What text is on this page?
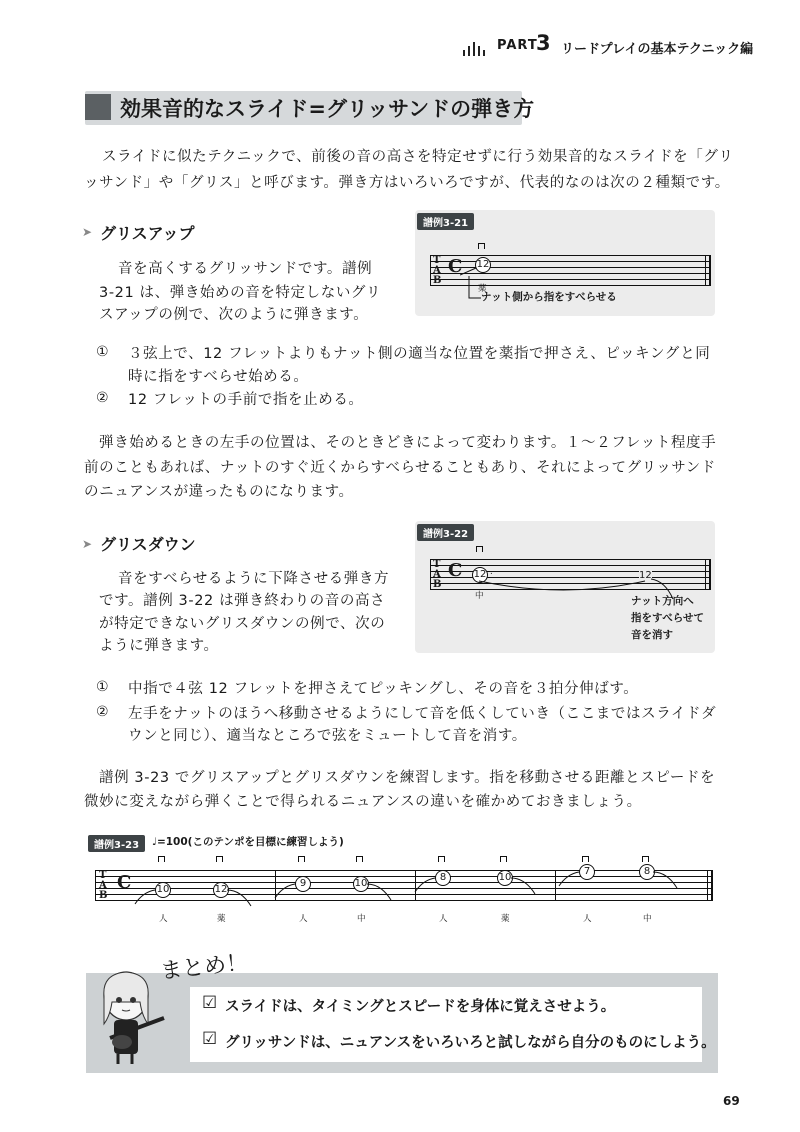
PART
3 リードプレイの基本テクニック編
効果音的なスライド=グリッサンドの弾き方
スライドに似たテクニックで、前後の音の高さを特定せずに行う効果音的なスライドを「グリ
ッサンド」や「グリス」と呼びます。弾き方はいろいろですが、代表的なのは次の２種類です。
➤ グリスアップ
音を高くするグリッサンドです。譜例
3-21 は、弾き始めの音を特定しないグリ
スアップの例で、次のように弾きます。
譜例3-21
T
A
B
C 12
薬
ナット側から指をすべらせる
① ３弦上で、12 フレットよりもナット側の適当な位置を薬指で押さえ、ピッキングと同
時に指をすべらせ始める。
② 12 フレットの手前で指を止める。
弾き始めるときの左手の位置は、そのときどきによって変わります。１～２フレット程度手
前のこともあれば、ナットのすぐ近くからすべらせることもあり、それによってグリッサンド
のニュアンスが違ったものになります。
➤ グリスダウン
音をすべらせるように下降させる弾き方
です。譜例 3-22 は弾き終わりの音の高さ
が特定できないグリスダウンの例で、次の
ように弾きます。
譜例3-22
T
A
B
C 12 .	12
中	ナット方向へ
指をすべらせて
音を消す
① 中指で４弦 12 フレットを押さえてピッキングし、その音を３拍分伸ばす。
② 左手をナットのほうへ移動させるようにして音を低くしていき（ここまではスライドダ
ウンと同じ）、適当なところで弦をミュートして音を消す。
譜例 3-23 でグリスアップとグリスダウンを練習します。指を移動させる距離とスピードを
微妙に変えながら弾くことで得られるニュアンスの違いを確かめておきましょう。
譜例3-23	♩=100(このテンポを目標に練習しよう)
T
A
B
C	10
人
12
薬
9
人
10
中
8
人
10
薬
7
人
8
中
まとめ！
☑ スライドは、タイミングとスピードを身体に覚えさせよう。
☑ グリッサンドは、ニュアンスをいろいろと試しながら自分のものにしよう。
69
